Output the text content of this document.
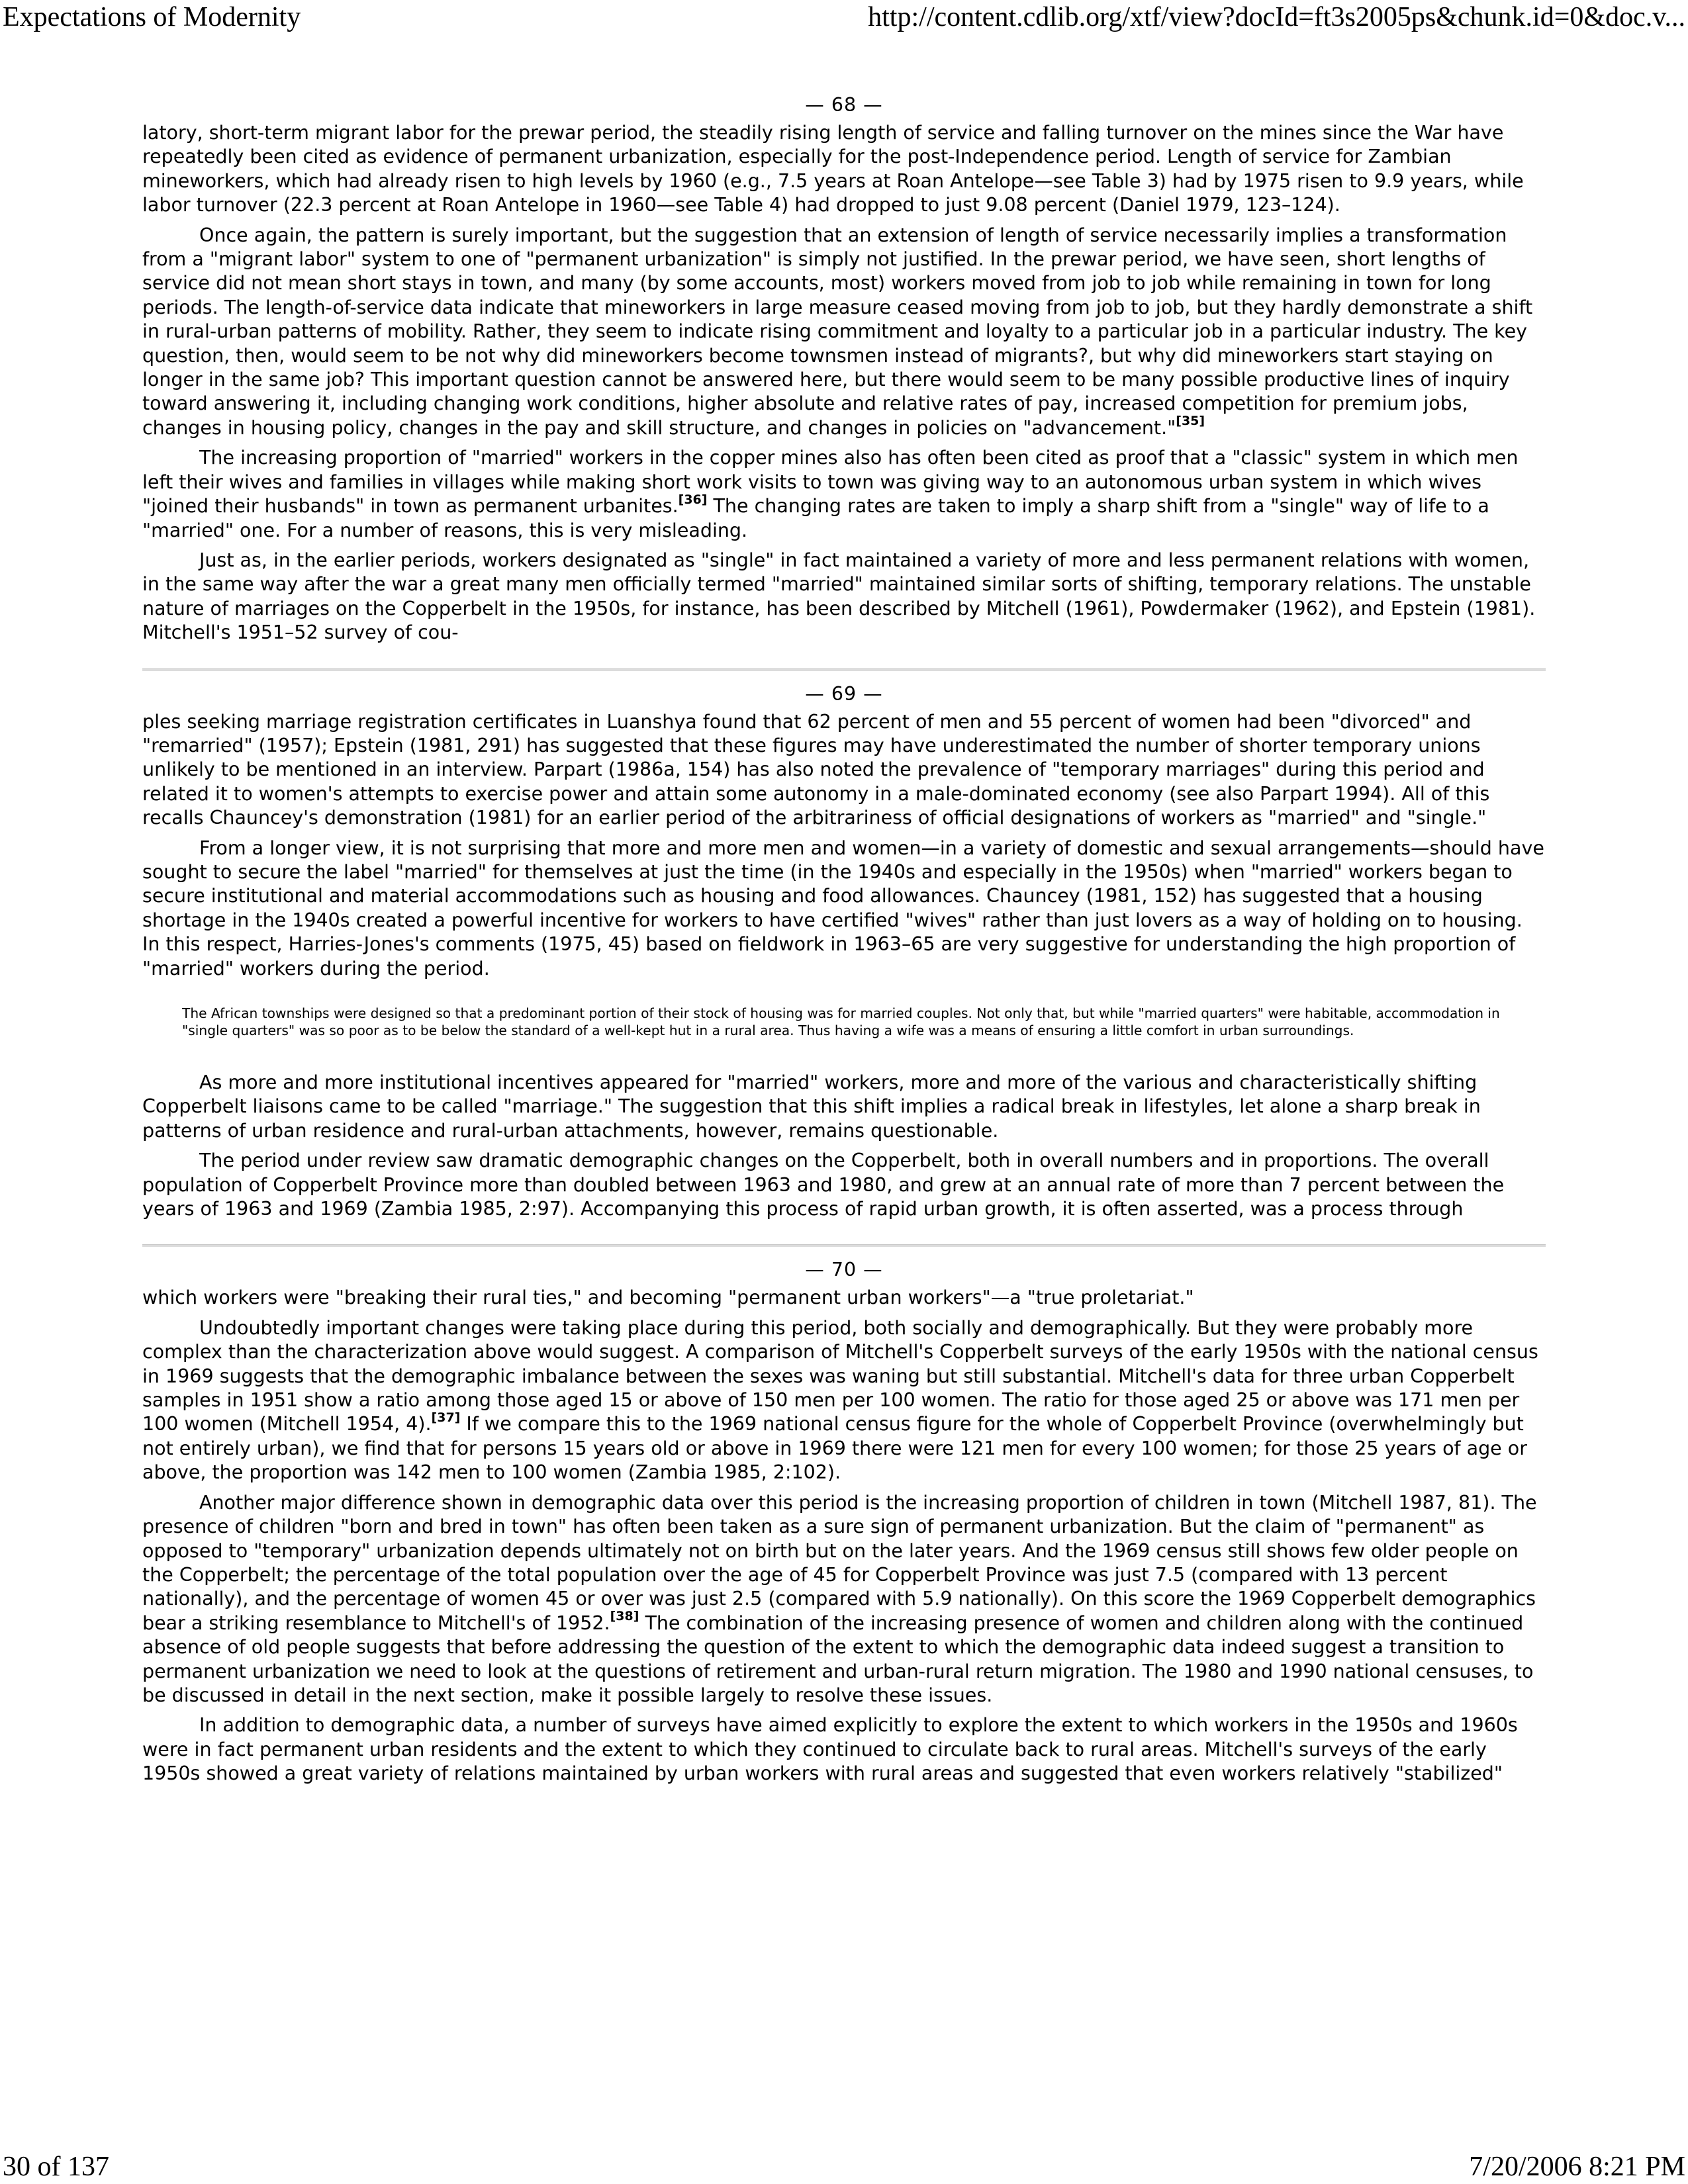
Expectations of Modernity	http://content.cdlib.org/xtf/view?docId=ft3s2005ps&chunk.id=0&doc.v...
— 68 —

latory, short-term migrant labor for the prewar period, the steadily rising length of service and falling turnover on the mines since the War have repeatedly been cited as evidence of permanent urbanization, especially for the post-Independence period. Length of service for Zambian mineworkers, which had already risen to high levels by 1960 (e.g., 7.5 years at Roan Antelope—see Table 3) had by 1975 risen to 9.9 years, while labor turnover (22.3 percent at Roan Antelope in 1960—see Table 4) had dropped to just 9.08 percent (Daniel 1979, 123–124).

Once again, the pattern is surely important, but the suggestion that an extension of length of service necessarily implies a transformation from a "migrant labor" system to one of "permanent urbanization" is simply not justified. In the prewar period, we have seen, short lengths of service did not mean short stays in town, and many (by some accounts, most) workers moved from job to job while remaining in town for long periods. The length-of-service data indicate that mineworkers in large measure ceased moving from job to job, but they hardly demonstrate a shift in rural-urban patterns of mobility. Rather, they seem to indicate rising commitment and loyalty to a particular job in a particular industry. The key question, then, would seem to be not why did mineworkers become townsmen instead of migrants?, but why did mineworkers start staying on longer in the same job? This important question cannot be answered here, but there would seem to be many possible productive lines of inquiry toward answering it, including changing work conditions, higher absolute and relative rates of pay, increased competition for premium jobs, changes in housing policy, changes in the pay and skill structure, and changes in policies on "advancement."[35]

The increasing proportion of "married" workers in the copper mines also has often been cited as proof that a "classic" system in which men left their wives and families in villages while making short work visits to town was giving way to an autonomous urban system in which wives "joined their husbands" in town as permanent urbanites.[36] The changing rates are taken to imply a sharp shift from a "single" way of life to a "married" one. For a number of reasons, this is very misleading.

Just as, in the earlier periods, workers designated as "single" in fact maintained a variety of more and less permanent relations with women, in the same way after the war a great many men officially termed "married" maintained similar sorts of shifting, temporary relations. The unstable nature of marriages on the Copperbelt in the 1950s, for instance, has been described by Mitchell (1961), Powdermaker (1962), and Epstein (1981). Mitchell's 1951–52 survey of cou-

— 69 —

ples seeking marriage registration certificates in Luanshya found that 62 percent of men and 55 percent of women had been "divorced" and "remarried" (1957); Epstein (1981, 291) has suggested that these figures may have underestimated the number of shorter temporary unions unlikely to be mentioned in an interview. Parpart (1986a, 154) has also noted the prevalence of "temporary marriages" during this period and related it to women's attempts to exercise power and attain some autonomy in a male-dominated economy (see also Parpart 1994). All of this recalls Chauncey's demonstration (1981) for an earlier period of the arbitrariness of official designations of workers as "married" and "single."

From a longer view, it is not surprising that more and more men and women—in a variety of domestic and sexual arrangements—should have sought to secure the label "married" for themselves at just the time (in the 1940s and especially in the 1950s) when "married" workers began to secure institutional and material accommodations such as housing and food allowances. Chauncey (1981, 152) has suggested that a housing shortage in the 1940s created a powerful incentive for workers to have certified "wives" rather than just lovers as a way of holding on to housing. In this respect, Harries-Jones's comments (1975, 45) based on fieldwork in 1963–65 are very suggestive for understanding the high proportion of "married" workers during the period.

The African townships were designed so that a predominant portion of their stock of housing was for married couples. Not only that, but while "married quarters" were habitable, accommodation in "single quarters" was so poor as to be below the standard of a well-kept hut in a rural area. Thus having a wife was a means of ensuring a little comfort in urban surroundings.

As more and more institutional incentives appeared for "married" workers, more and more of the various and characteristically shifting Copperbelt liaisons came to be called "marriage." The suggestion that this shift implies a radical break in lifestyles, let alone a sharp break in patterns of urban residence and rural-urban attachments, however, remains questionable.

The period under review saw dramatic demographic changes on the Copperbelt, both in overall numbers and in proportions. The overall population of Copperbelt Province more than doubled between 1963 and 1980, and grew at an annual rate of more than 7 percent between the years of 1963 and 1969 (Zambia 1985, 2:97). Accompanying this process of rapid urban growth, it is often asserted, was a process through

— 70 —

which workers were "breaking their rural ties," and becoming "permanent urban workers"—a "true proletariat."

Undoubtedly important changes were taking place during this period, both socially and demographically. But they were probably more complex than the characterization above would suggest. A comparison of Mitchell's Copperbelt surveys of the early 1950s with the national census in 1969 suggests that the demographic imbalance between the sexes was waning but still substantial. Mitchell's data for three urban Copperbelt samples in 1951 show a ratio among those aged 15 or above of 150 men per 100 women. The ratio for those aged 25 or above was 171 men per 100 women (Mitchell 1954, 4).[37] If we compare this to the 1969 national census figure for the whole of Copperbelt Province (overwhelmingly but not entirely urban), we find that for persons 15 years old or above in 1969 there were 121 men for every 100 women; for those 25 years of age or above, the proportion was 142 men to 100 women (Zambia 1985, 2:102).

Another major difference shown in demographic data over this period is the increasing proportion of children in town (Mitchell 1987, 81). The presence of children "born and bred in town" has often been taken as a sure sign of permanent urbanization. But the claim of "permanent" as opposed to "temporary" urbanization depends ultimately not on birth but on the later years. And the 1969 census still shows few older people on the Copperbelt; the percentage of the total population over the age of 45 for Copperbelt Province was just 7.5 (compared with 13 percent nationally), and the percentage of women 45 or over was just 2.5 (compared with 5.9 nationally). On this score the 1969 Copperbelt demographics bear a striking resemblance to Mitchell's of 1952.[38] The combination of the increasing presence of women and children along with the continued absence of old people suggests that before addressing the question of the extent to which the demographic data indeed suggest a transition to permanent urbanization we need to look at the questions of retirement and urban-rural return migration. The 1980 and 1990 national censuses, to be discussed in detail in the next section, make it possible largely to resolve these issues.

In addition to demographic data, a number of surveys have aimed explicitly to explore the extent to which workers in the 1950s and 1960s were in fact permanent urban residents and the extent to which they continued to circulate back to rural areas. Mitchell's surveys of the early 1950s showed a great variety of relations maintained by urban workers with rural areas and suggested that even workers relatively "stabilized"

30 of 137	7/20/2006 8:21 PM
